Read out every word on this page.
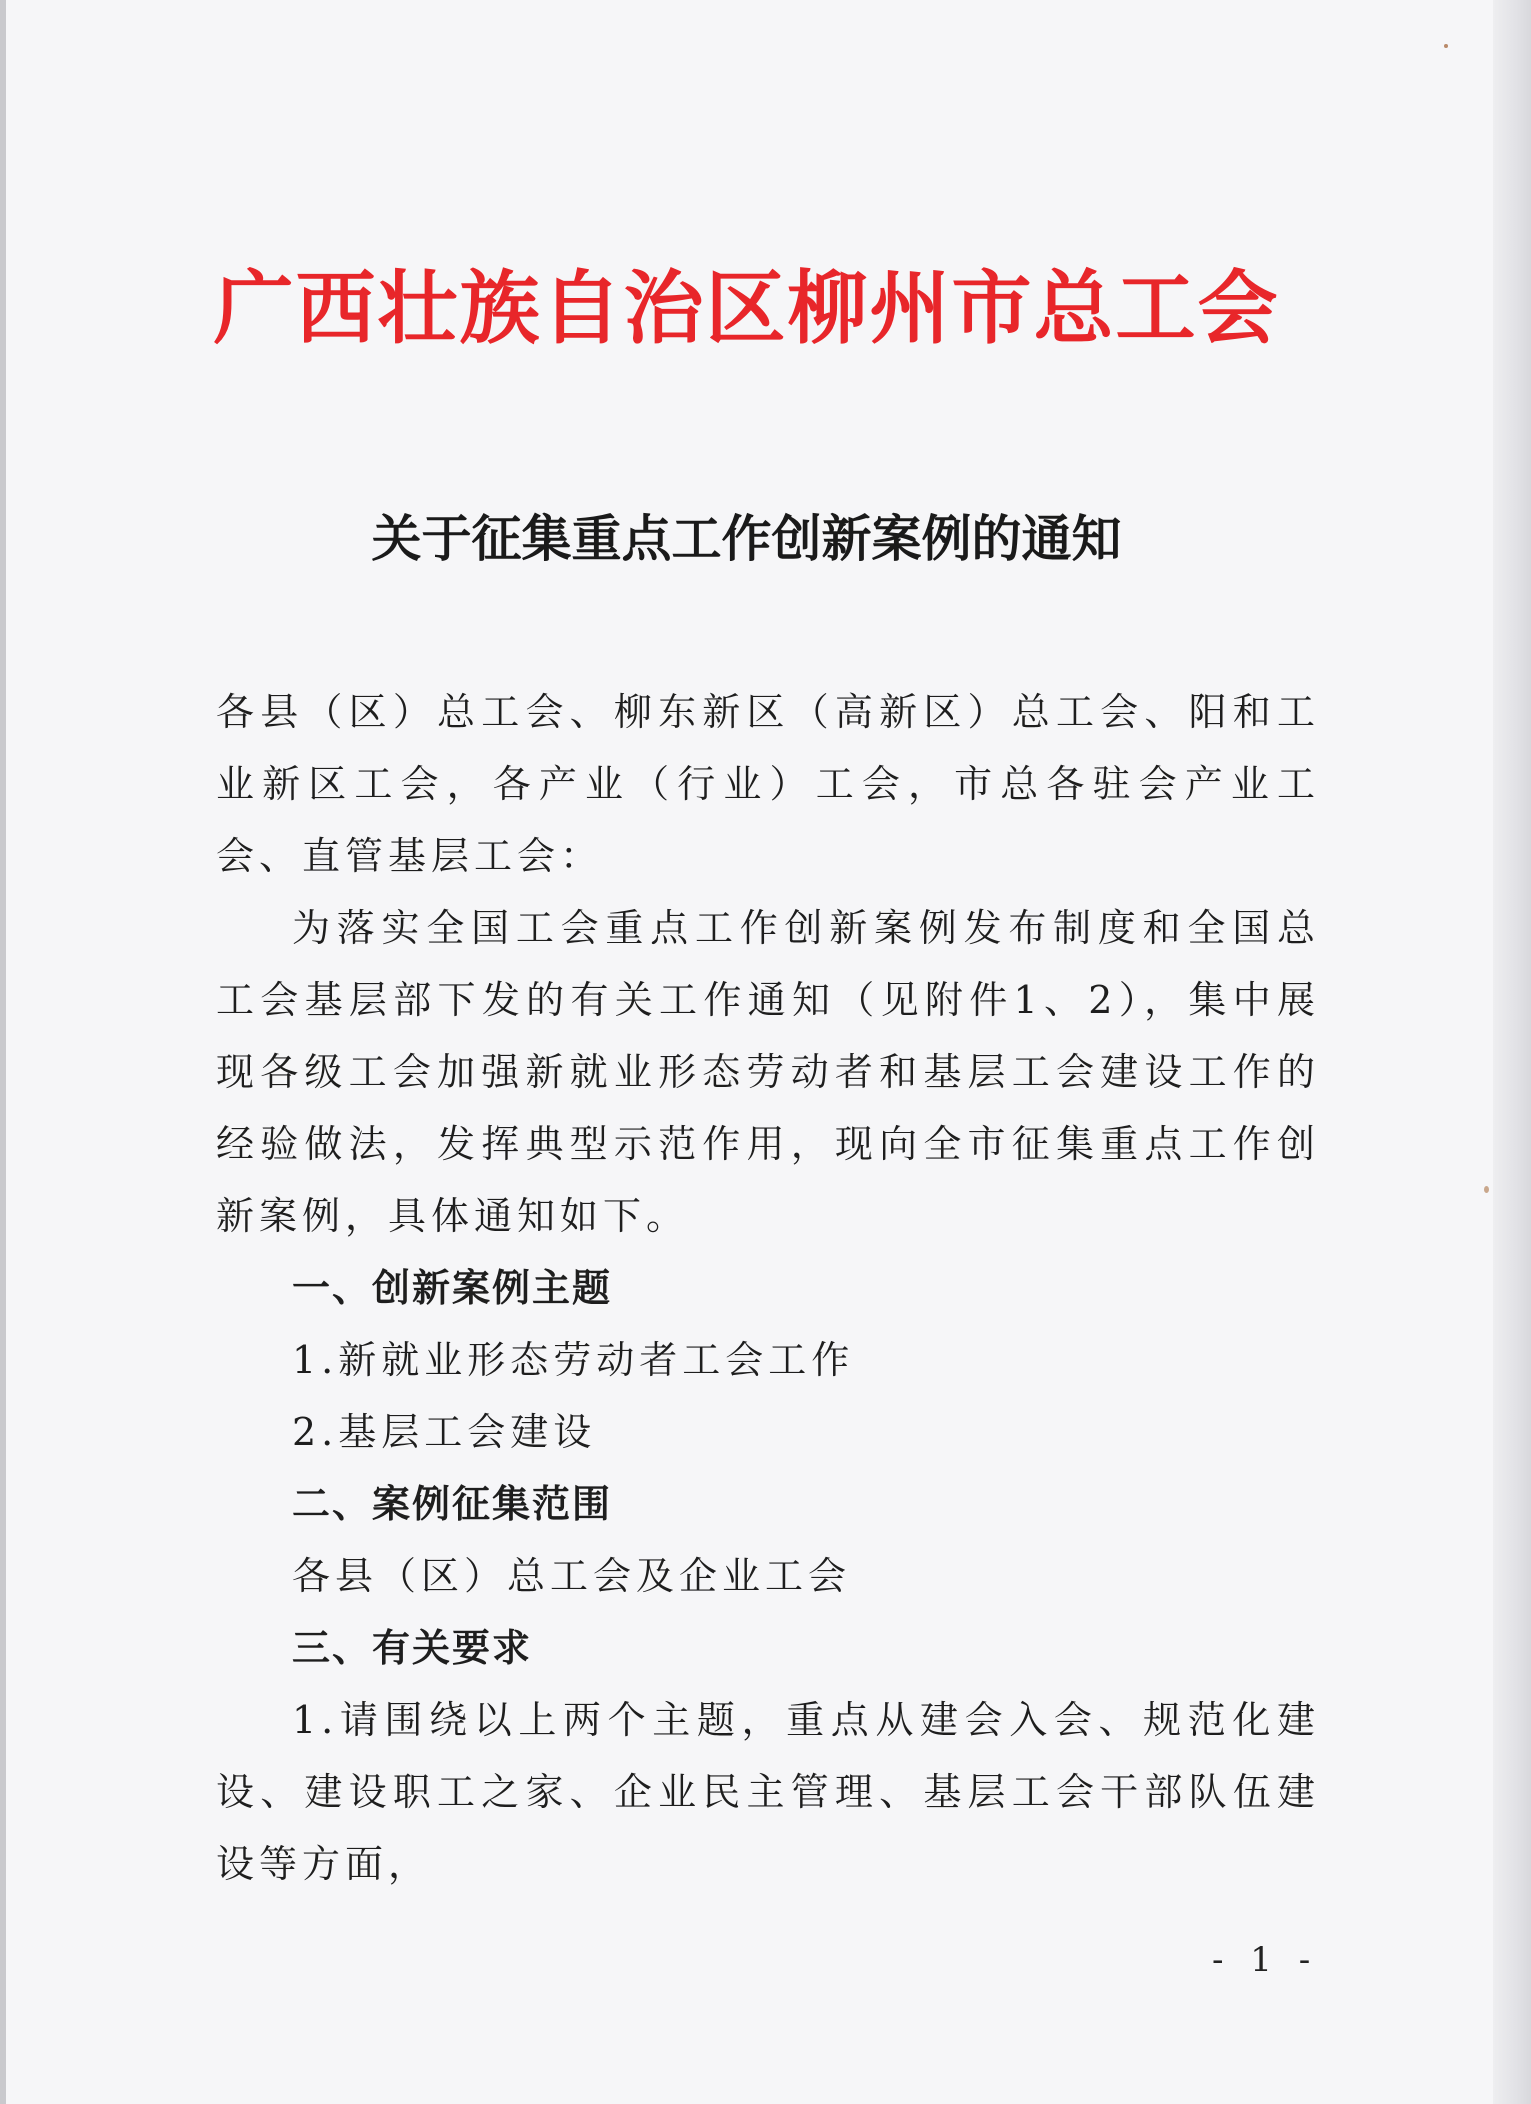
广西壮族自治区柳州市总工会
关于征集重点工作创新案例的通知

各县（区）总工会、柳东新区（高新区）总工会、阳和工业新区工会，各产业（行业）工会，市总各驻会产业工会、直管基层工会：

为落实全国工会重点工作创新案例发布制度和全国总工会基层部下发的有关工作通知（见附件1、2），集中展现各级工会加强新就业形态劳动者和基层工会建设工作的经验做法，发挥典型示范作用，现向全市征集重点工作创新案例，具体通知如下。

一、创新案例主题

1.新就业形态劳动者工会工作

2.基层工会建设

二、案例征集范围

各县（区）总工会及企业工会

三、有关要求

1.请围绕以上两个主题，重点从建会入会、规范化建设、建设职工之家、企业民主管理、基层工会干部队伍建设等方面，

- 1 -
